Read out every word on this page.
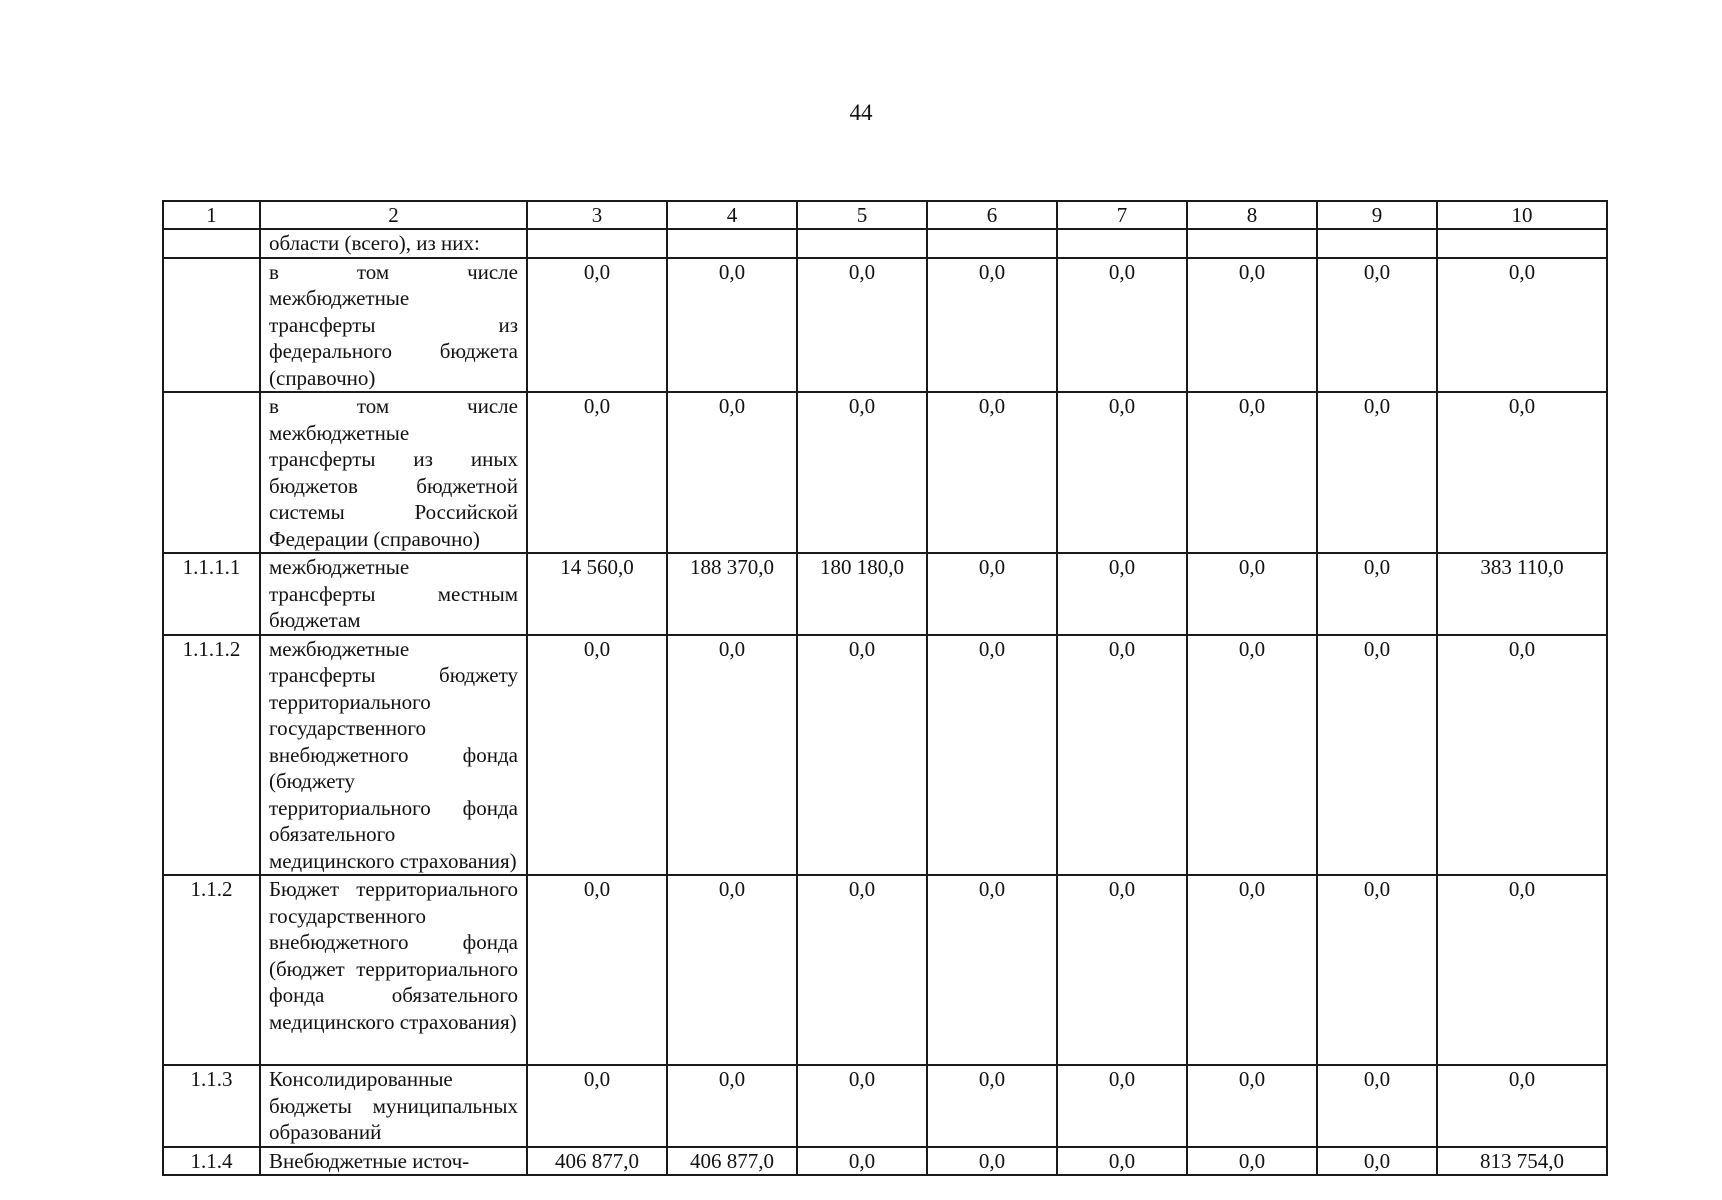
44
1	2	3	4	5	6	7	8	9	10
	области (всего), из них:								
	в том числе межбюджетные трансферты из федерального бюджета (справочно)	0,0	0,0	0,0	0,0	0,0	0,0	0,0	0,0
	в том числе межбюджетные трансферты из иных бюджетов бюджетной системы Российской Федерации (справочно)	0,0	0,0	0,0	0,0	0,0	0,0	0,0	0,0
1.1.1.1	межбюджетные трансферты местным бюджетам	14 560,0	188 370,0	180 180,0	0,0	0,0	0,0	0,0	383 110,0
1.1.1.2	межбюджетные трансферты бюджету территориального государственного внебюджетного фонда (бюджету территориального фонда обязательного медицинского страхования)	0,0	0,0	0,0	0,0	0,0	0,0	0,0	0,0
1.1.2	Бюджет территориального государственного внебюджетного фонда (бюджет территориального фонда обязательного медицинского страхования)	0,0	0,0	0,0	0,0	0,0	0,0	0,0	0,0
1.1.3	Консолидированные бюджеты муниципальных образований	0,0	0,0	0,0	0,0	0,0	0,0	0,0	0,0
1.1.4	Внебюджетные источ-	406 877,0	406 877,0	0,0	0,0	0,0	0,0	0,0	813 754,0
